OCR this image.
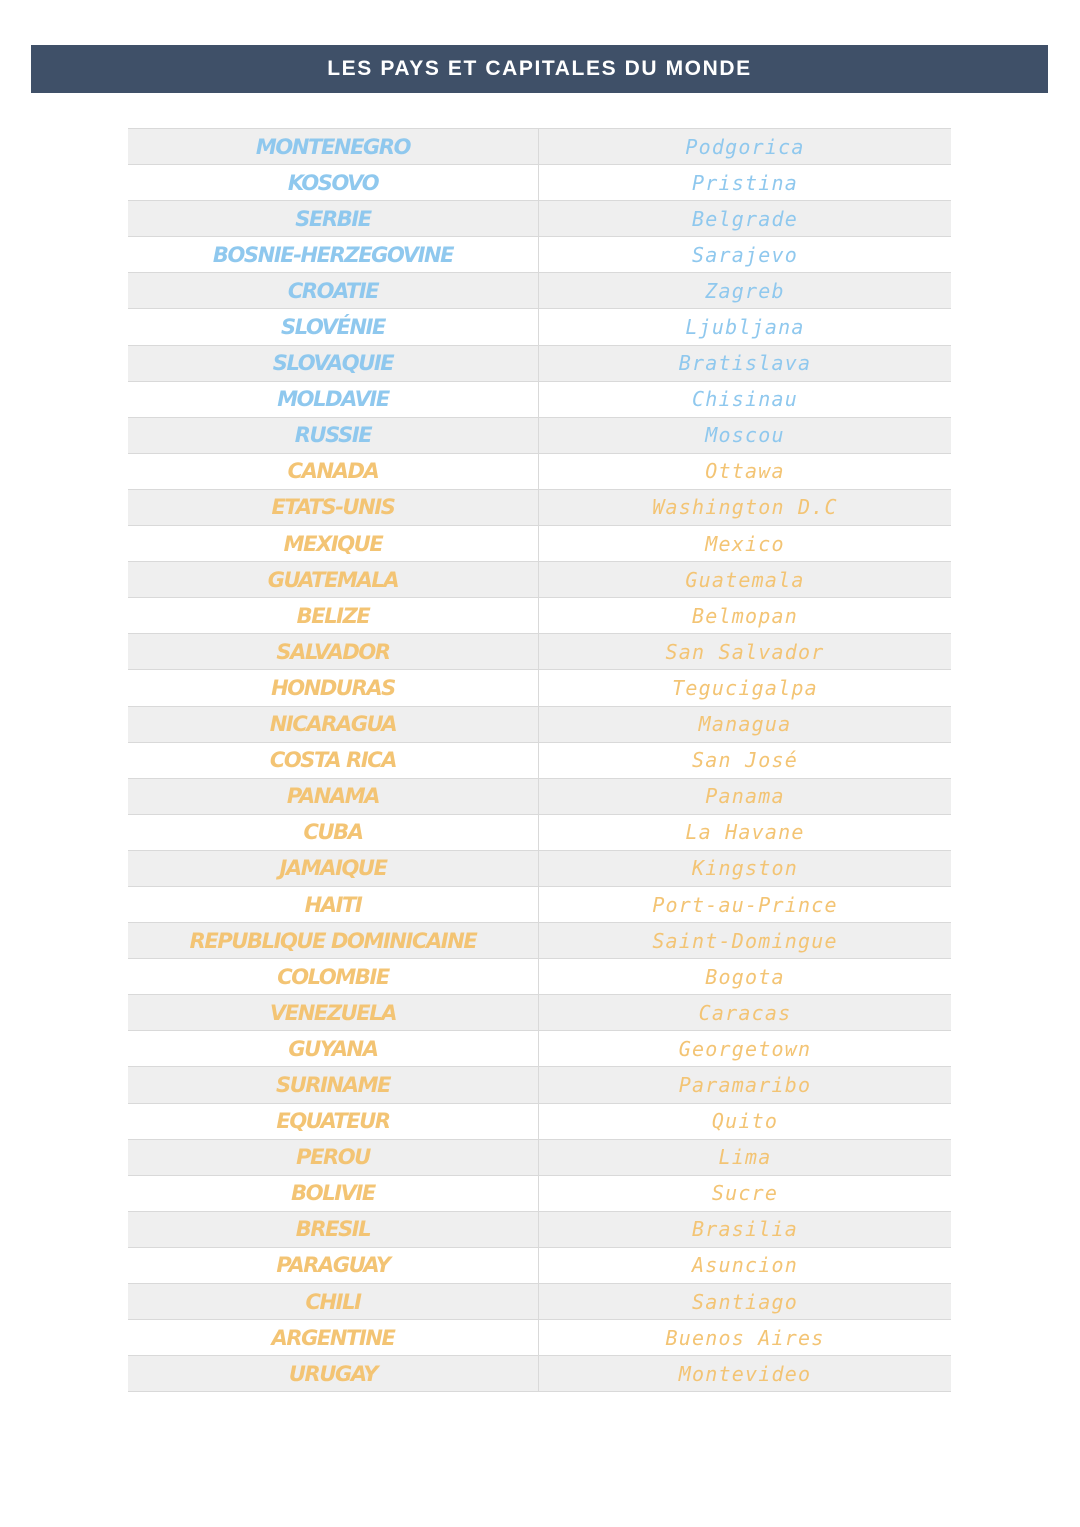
LES PAYS ET CAPITALES DU MONDE
MONTENEGRO	Podgorica
KOSOVO	Pristina
SERBIE	Belgrade
BOSNIE-HERZEGOVINE	Sarajevo
CROATIE	Zagreb
SLOVÉNIE	Ljubljana
SLOVAQUIE	Bratislava
MOLDAVIE	Chisinau
RUSSIE	Moscou
CANADA	Ottawa
ETATS-UNIS	Washington D.C
MEXIQUE	Mexico
GUATEMALA	Guatemala
BELIZE	Belmopan
SALVADOR	San Salvador
HONDURAS	Tegucigalpa
NICARAGUA	Managua
COSTA RICA	San José
PANAMA	Panama
CUBA	La Havane
JAMAIQUE	Kingston
HAITI	Port-au-Prince
REPUBLIQUE DOMINICAINE	Saint-Domingue
COLOMBIE	Bogota
VENEZUELA	Caracas
GUYANA	Georgetown
SURINAME	Paramaribo
EQUATEUR	Quito
PEROU	Lima
BOLIVIE	Sucre
BRESIL	Brasilia
PARAGUAY	Asuncion
CHILI	Santiago
ARGENTINE	Buenos Aires
URUGAY	Montevideo
